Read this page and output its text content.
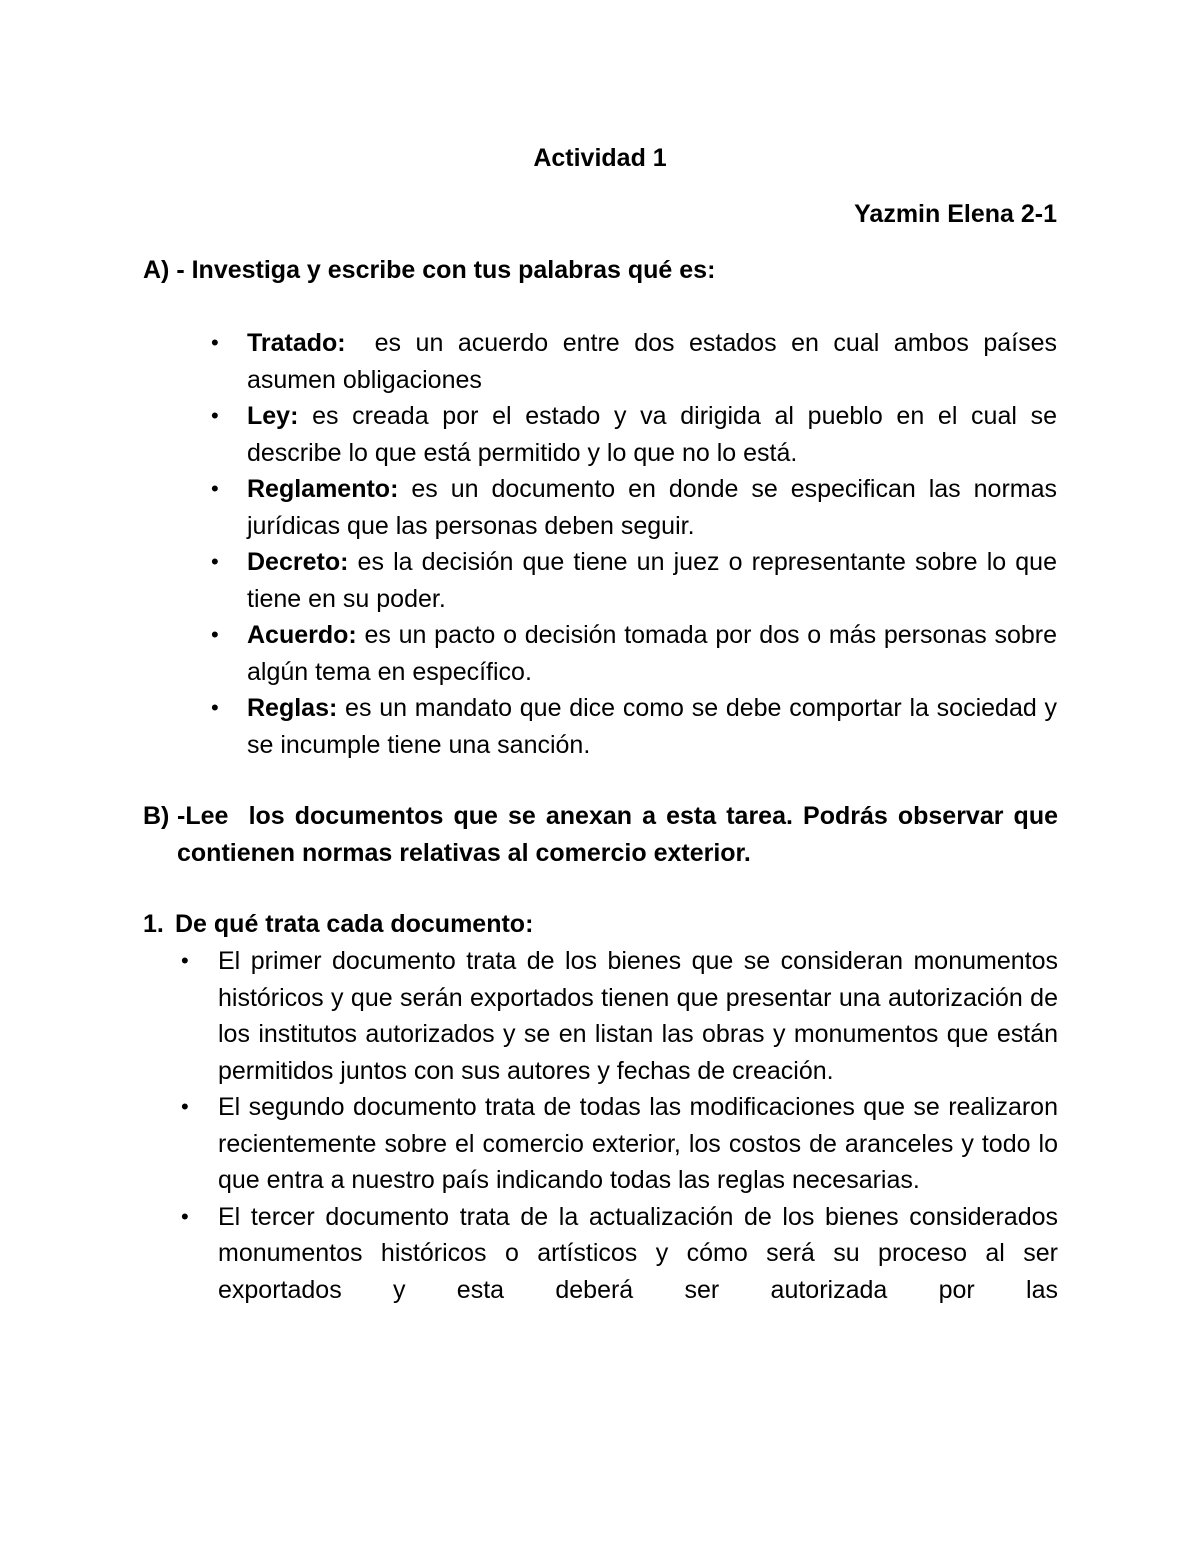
Actividad 1

Yazmin Elena 2-1

A) - Investiga y escribe con tus palabras qué es:

• Tratado:  es un acuerdo entre dos estados en cual ambos países asumen obligaciones
• Ley: es creada por el estado y va dirigida al pueblo en el cual se describe lo que está permitido y lo que no lo está.
• Reglamento: es un documento en donde se especifican las normas jurídicas que las personas deben seguir.
• Decreto: es la decisión que tiene un juez o representante sobre lo que tiene en su poder.
• Acuerdo: es un pacto o decisión tomada por dos o más personas sobre algún tema en específico.
• Reglas: es un mandato que dice como se debe comportar la sociedad y se incumple tiene una sanción.
B) -Lee  los documentos que se anexan a esta tarea. Podrás observar que contienen normas relativas al comercio exterior.
1. De qué trata cada documento:
• El primer documento trata de los bienes que se consideran monumentos históricos y que serán exportados tienen que presentar una autorización de los institutos autorizados y se en listan las obras y monumentos que están permitidos juntos con sus autores y fechas de creación.
• El segundo documento trata de todas las modificaciones que se realizaron recientemente sobre el comercio exterior, los costos de aranceles y todo lo que entra a nuestro país indicando todas las reglas necesarias.
• El tercer documento trata de la actualización de los bienes considerados monumentos históricos o artísticos y cómo será su proceso al ser exportados y esta deberá ser autorizada por las
